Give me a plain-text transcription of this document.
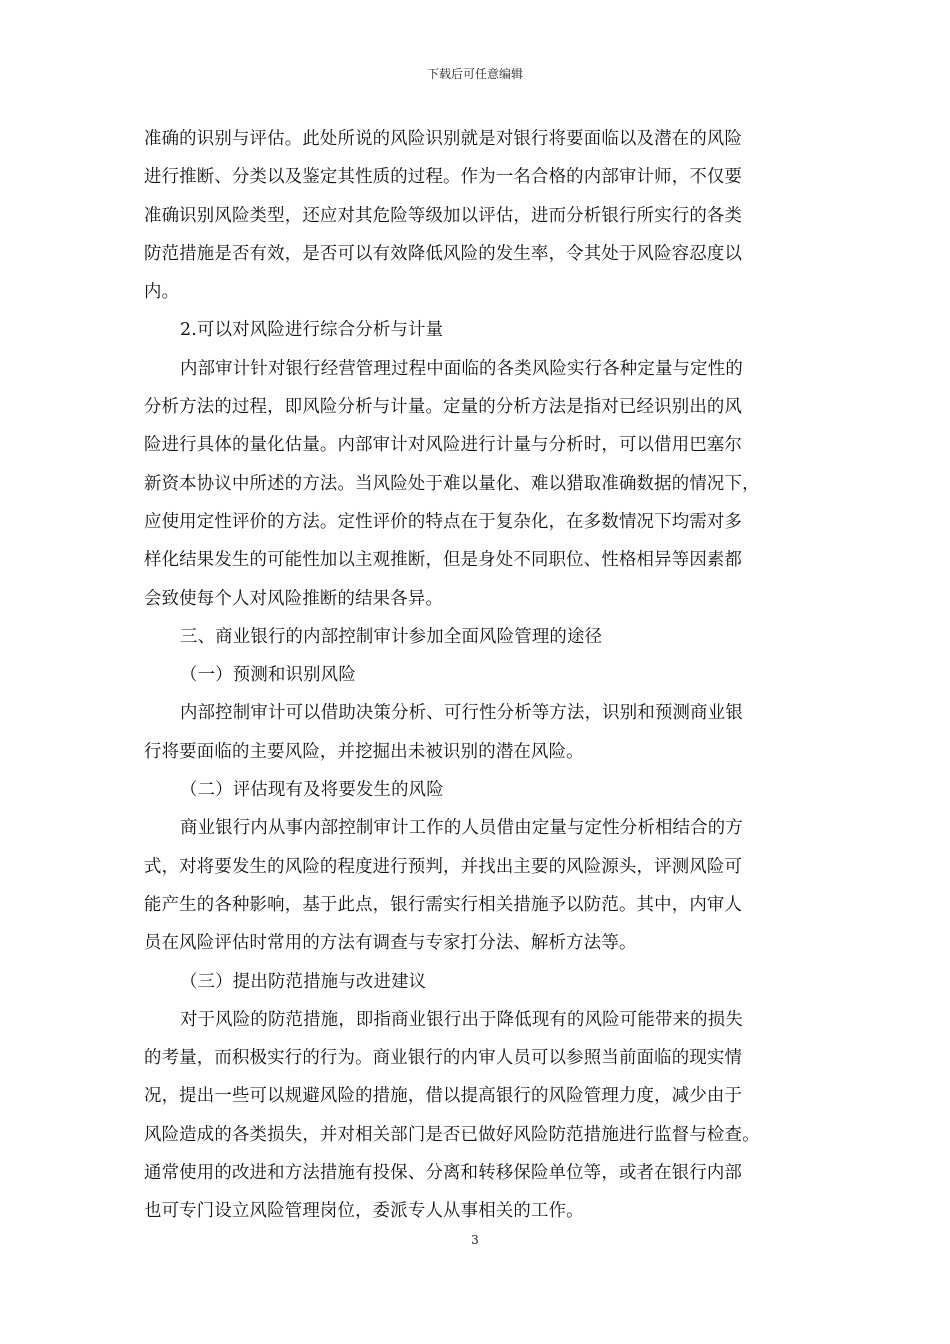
下载后可任意编辑
准确的识别与评估。此处所说的风险识别就是对银行将要面临以及潜在的风险
进行推断、分类以及鉴定其性质的过程。作为一名合格的内部审计师，不仅要
准确识别风险类型，还应对其危险等级加以评估，进而分析银行所实行的各类
防范措施是否有效，是否可以有效降低风险的发生率，令其处于风险容忍度以
内。
2.可以对风险进行综合分析与计量
内部审计针对银行经营管理过程中面临的各类风险实行各种定量与定性的
分析方法的过程，即风险分析与计量。定量的分析方法是指对已经识别出的风
险进行具体的量化估量。内部审计对风险进行计量与分析时，可以借用巴塞尔
新资本协议中所述的方法。当风险处于难以量化、难以猎取准确数据的情况下，
应使用定性评价的方法。定性评价的特点在于复杂化，在多数情况下均需对多
样化结果发生的可能性加以主观推断，但是身处不同职位、性格相异等因素都
会致使每个人对风险推断的结果各异。
三、商业银行的内部控制审计参加全面风险管理的途径
（一）预测和识别风险
内部控制审计可以借助决策分析、可行性分析等方法，识别和预测商业银
行将要面临的主要风险，并挖掘出未被识别的潜在风险。
（二）评估现有及将要发生的风险
商业银行内从事内部控制审计工作的人员借由定量与定性分析相结合的方
式，对将要发生的风险的程度进行预判，并找出主要的风险源头，评测风险可
能产生的各种影响，基于此点，银行需实行相关措施予以防范。其中，内审人
员在风险评估时常用的方法有调查与专家打分法、解析方法等。
（三）提出防范措施与改进建议
对于风险的防范措施，即指商业银行出于降低现有的风险可能带来的损失
的考量，而积极实行的行为。商业银行的内审人员可以参照当前面临的现实情
况，提出一些可以规避风险的措施，借以提高银行的风险管理力度，减少由于
风险造成的各类损失，并对相关部门是否已做好风险防范措施进行监督与检查。
通常使用的改进和方法措施有投保、分离和转移保险单位等，或者在银行内部
也可专门设立风险管理岗位，委派专人从事相关的工作。
3
